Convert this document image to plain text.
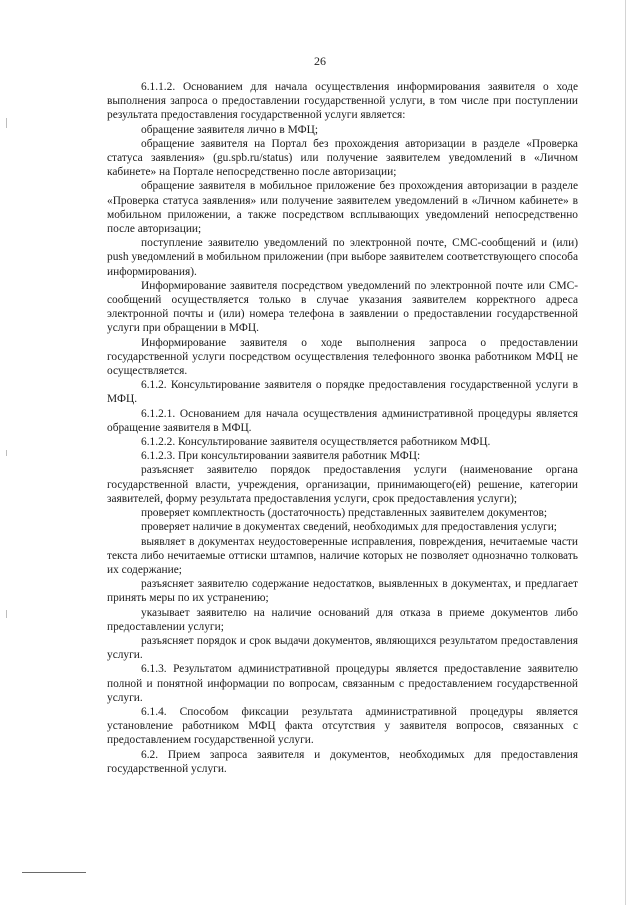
26

6.1.1.2. Основанием для начала осуществления информирования заявителя о ходе выполнения запроса о предоставлении государственной услуги, в том числе при поступлении результата предоставления государственной услуги является:

обращение заявителя лично в МФЦ;

обращение заявителя на Портал без прохождения авторизации в разделе «Проверка статуса заявления» (gu.spb.ru/status) или получение заявителем уведомлений в «Личном кабинете» на Портале непосредственно после авторизации;

обращение заявителя в мобильное приложение без прохождения авторизации в разделе «Проверка статуса заявления» или получение заявителем уведомлений в «Личном кабинете» в мобильном приложении, а также посредством всплывающих уведомлений непосредственно после авторизации;

поступление заявителю уведомлений по электронной почте, СМС-сообщений и (или) push уведомлений в мобильном приложении (при выборе заявителем соответствующего способа информирования).

Информирование заявителя посредством уведомлений по электронной почте или СМС-сообщений осуществляется только в случае указания заявителем корректного адреса электронной почты и (или) номера телефона в заявлении о предоставлении государственной услуги при обращении в МФЦ.

Информирование заявителя о ходе выполнения запроса о предоставлении государственной услуги посредством осуществления телефонного звонка работником МФЦ не осуществляется.

6.1.2. Консультирование заявителя о порядке предоставления государственной услуги в МФЦ.

6.1.2.1. Основанием для начала осуществления административной процедуры является обращение заявителя в МФЦ.

6.1.2.2. Консультирование заявителя осуществляется работником МФЦ.

6.1.2.3. При консультировании заявителя работник МФЦ:

разъясняет заявителю порядок предоставления услуги (наименование органа государственной власти, учреждения, организации, принимающего(ей) решение, категории заявителей, форму результата предоставления услуги, срок предоставления услуги);

проверяет комплектность (достаточность) представленных заявителем документов;

проверяет наличие в документах сведений, необходимых для предоставления услуги;

выявляет в документах неудостоверенные исправления, повреждения, нечитаемые части текста либо нечитаемые оттиски штампов, наличие которых не позволяет однозначно толковать их содержание;

разъясняет заявителю содержание недостатков, выявленных в документах, и предлагает принять меры по их устранению;

указывает заявителю на наличие оснований для отказа в приеме документов либо предоставлении услуги;

разъясняет порядок и срок выдачи документов, являющихся результатом предоставления услуги.

6.1.3. Результатом административной процедуры является предоставление заявителю полной и понятной информации по вопросам, связанным с предоставлением государственной услуги.

6.1.4. Способом фиксации результата административной процедуры является установление работником МФЦ факта отсутствия у заявителя вопросов, связанных с предоставлением государственной услуги.

6.2. Прием запроса заявителя и документов, необходимых для предоставления государственной услуги.
